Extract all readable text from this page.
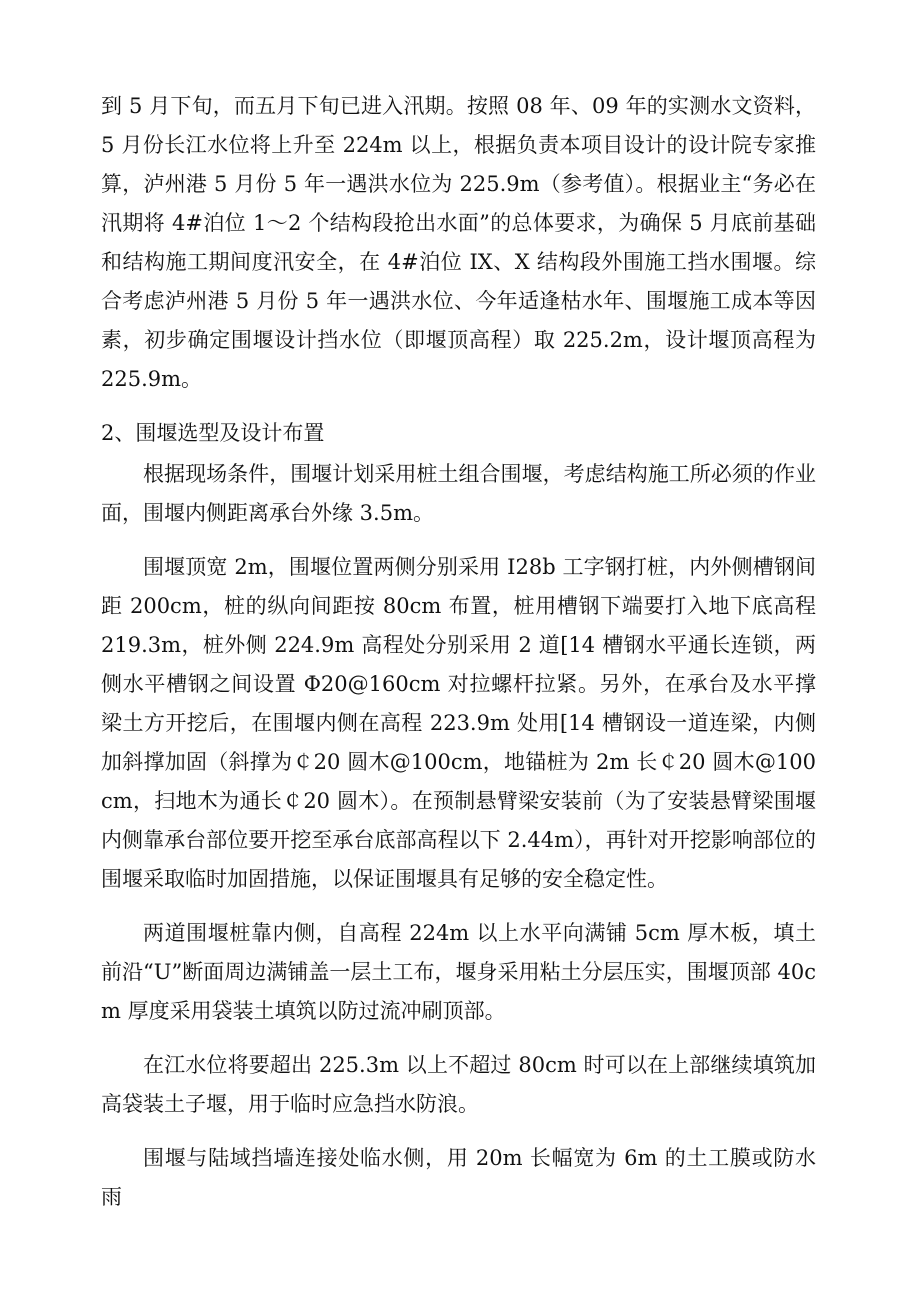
到 5 月下旬，而五月下旬已进入汛期。按照 08 年、09 年的实测水文资料，5 月份长江水位将上升至 224m 以上，根据负责本项目设计的设计院专家推算，泸州港 5 月份 5 年一遇洪水位为 225.9m（参考值）。根据业主“务必在汛期将 4#泊位 1～2 个结构段抢出水面”的总体要求，为确保 5 月底前基础和结构施工期间度汛安全，在 4#泊位 IX、X 结构段外围施工挡水围堰。综合考虑泸州港 5 月份 5 年一遇洪水位、今年适逢枯水年、围堰施工成本等因素，初步确定围堰设计挡水位（即堰顶高程）取 225.2m，设计堰顶高程为 225.9m。

2、围堰选型及设计布置

根据现场条件，围堰计划采用桩土组合围堰，考虑结构施工所必须的作业面，围堰内侧距离承台外缘 3.5m。

围堰顶宽 2m，围堰位置两侧分别采用 Ⅰ28b 工字钢打桩，内外侧槽钢间距 200cm，桩的纵向间距按 80cm 布置，桩用槽钢下端要打入地下底高程 219.3m，桩外侧 224.9m 高程处分别采用 2 道[14 槽钢水平通长连锁，两侧水平槽钢之间设置 Φ20@160cm 对拉螺杆拉紧。另外，在承台及水平撑梁土方开挖后，在围堰内侧在高程 223.9m 处用[14 槽钢设一道连梁，内侧加斜撑加固（斜撑为￠20 圆木@100cm，地锚桩为 2m 长￠20 圆木@100cm，扫地木为通长￠20 圆木）。在预制悬臂梁安装前（为了安装悬臂梁围堰内侧靠承台部位要开挖至承台底部高程以下 2.44m），再针对开挖影响部位的围堰采取临时加固措施，以保证围堰具有足够的安全稳定性。

两道围堰桩靠内侧，自高程 224m 以上水平向满铺 5cm 厚木板，填土前沿“U”断面周边满铺盖一层土工布，堰身采用粘土分层压实，围堰顶部 40cm 厚度采用袋装土填筑以防过流冲刷顶部。

在江水位将要超出 225.3m 以上不超过 80cm 时可以在上部继续填筑加高袋装土子堰，用于临时应急挡水防浪。

围堰与陆域挡墙连接处临水侧，用 20m 长幅宽为 6m 的土工膜或防水雨
